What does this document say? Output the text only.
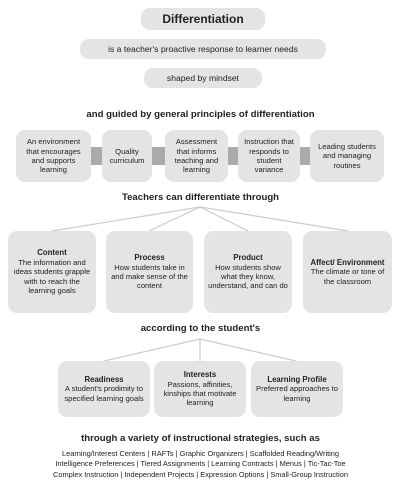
Differentiation
is a teacher's proactive response to learner needs
shaped by mindset
and guided by general principles of differentiation
An environment that encourages and supports learning
Quality curriculum
Assessment that informs teaching and learning
Instruction that responds to student variance
Leading students and managing routines
Teachers can differentiate through
Content
The information and ideas students grapple with to reach the learning goals
Process
How students take in and make sense of the content
Product
How students show what they know, understand, and can do
Affect/ Environment
The climate or tone of the classroom
according to the student's
Readiness
A student's prodimity to specified learning goals
Interests
Passions, affinities, kinships that motivate learning
Learning Profile
Preferred approaches to learning
through a variety of instructional strategies, such as
Learning/Interest Centers | RAFTs | Graphic Organizers | Scaffolded Reading/Writing
Intelligence Preferences | Tiered Assignments | Learning Contracts | Menus | Tic-Tac-Toe
Complex Instruction | Independent Projects | Expression Options | Small-Group Instruction
